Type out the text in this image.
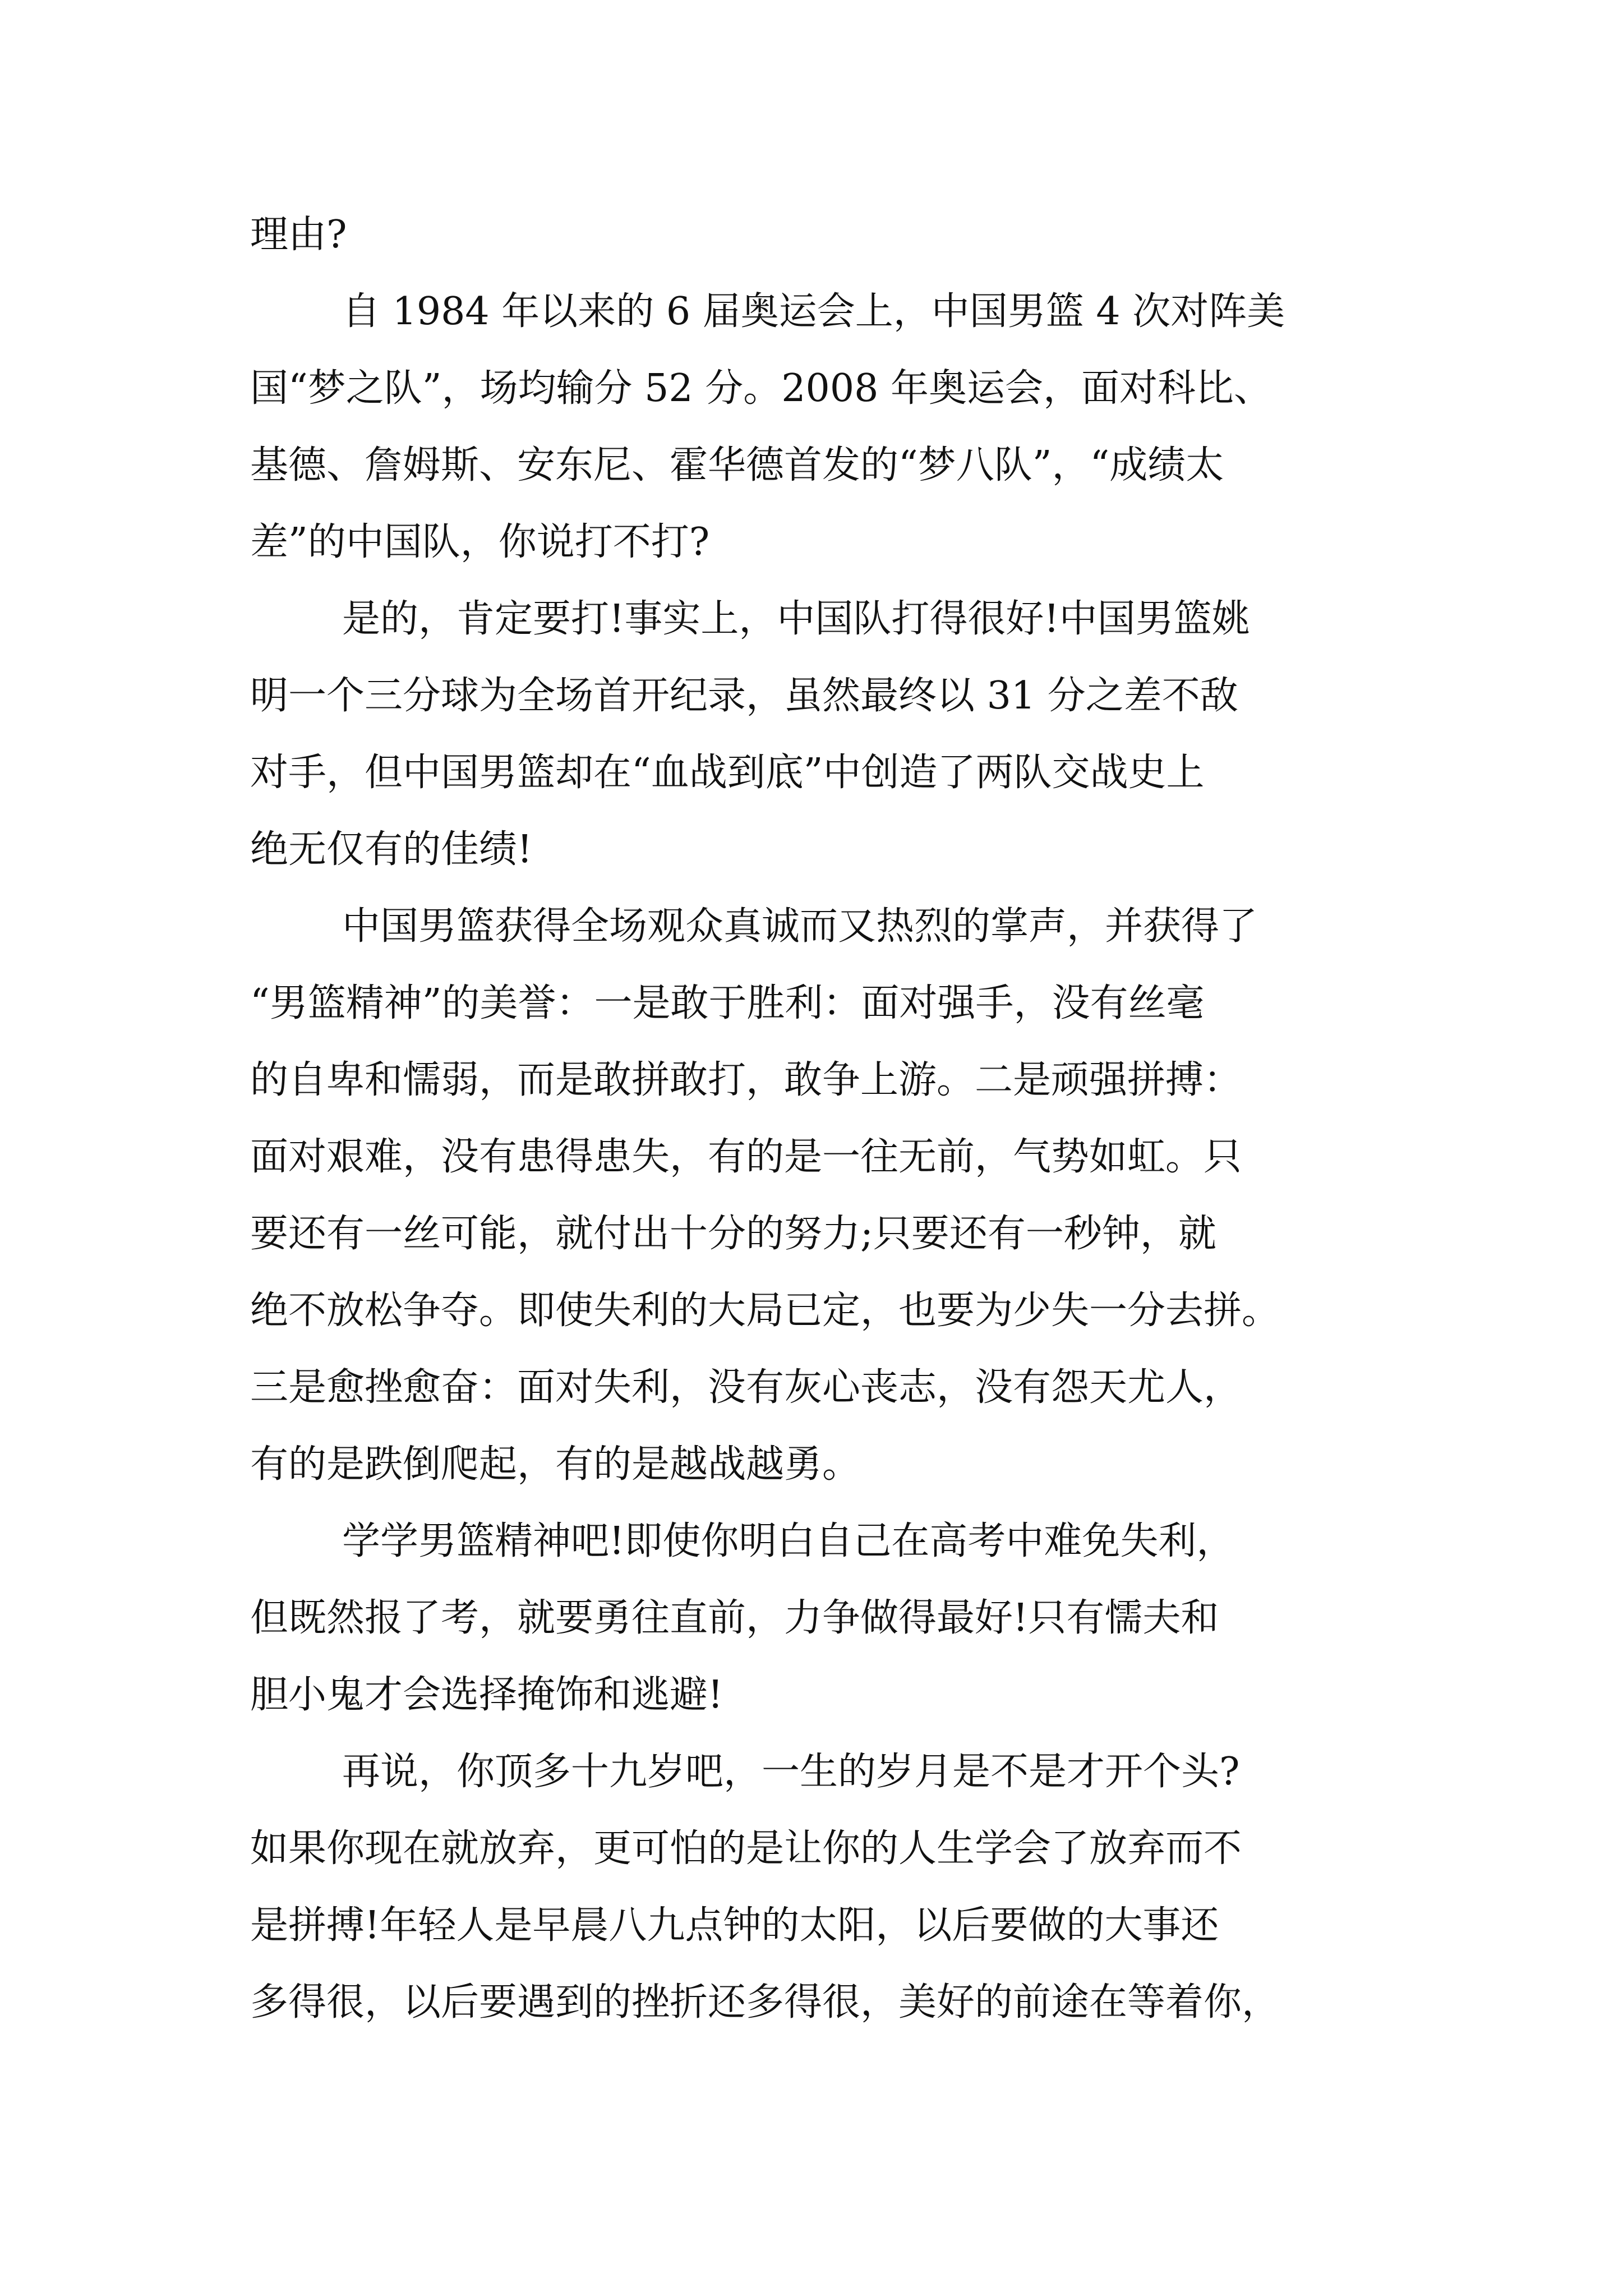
理由?
自 1984 年以来的 6 届奥运会上，中国男篮 4 次对阵美
国“梦之队”，场均输分 52 分。2008 年奥运会，面对科比、
基德、詹姆斯、安东尼、霍华德首发的“梦八队”，“成绩太
差”的中国队，你说打不打?
是的，肯定要打!事实上，中国队打得很好!中国男篮姚
明一个三分球为全场首开纪录，虽然最终以 31 分之差不敌
对手，但中国男篮却在“血战到底”中创造了两队交战史上
绝无仅有的佳绩!
中国男篮获得全场观众真诚而又热烈的掌声，并获得了
“男篮精神”的美誉：一是敢于胜利：面对强手，没有丝毫
的自卑和懦弱，而是敢拼敢打，敢争上游。二是顽强拼搏：
面对艰难，没有患得患失，有的是一往无前，气势如虹。只
要还有一丝可能，就付出十分的努力;只要还有一秒钟，就
绝不放松争夺。即使失利的大局已定，也要为少失一分去拼。
三是愈挫愈奋：面对失利，没有灰心丧志，没有怨天尤人，
有的是跌倒爬起，有的是越战越勇。
学学男篮精神吧!即使你明白自己在高考中难免失利，
但既然报了考，就要勇往直前，力争做得最好!只有懦夫和
胆小鬼才会选择掩饰和逃避!
再说，你顶多十九岁吧，一生的岁月是不是才开个头?
如果你现在就放弃，更可怕的是让你的人生学会了放弃而不
是拼搏!年轻人是早晨八九点钟的太阳，以后要做的大事还
多得很，以后要遇到的挫折还多得很，美好的前途在等着你，
